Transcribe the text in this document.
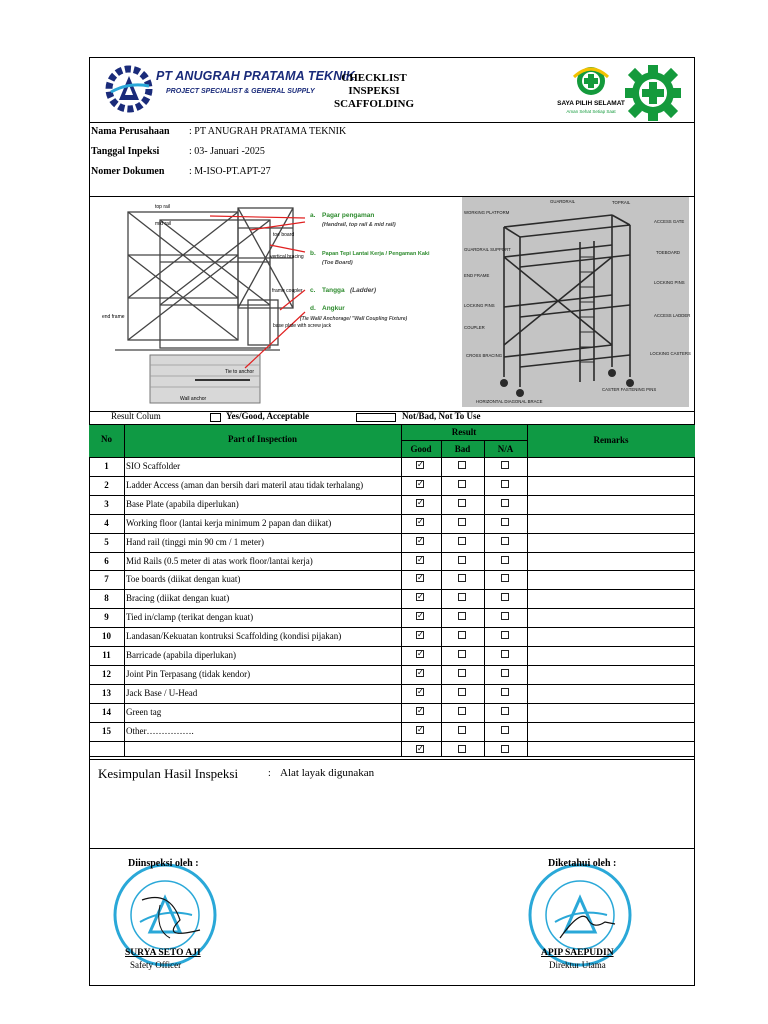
PT ANUGRAH PRATAMA TEKNIK
PROJECT SPECIALIST & GENERAL SUPPLY
CHECKLIST
INSPEKSI
SCAFFOLDING	SAYA PILIH SELAMAT
Aman Sehat Setiap Saat
Nama Perusahaan : PT ANUGRAH PRATAMA TEKNIK
Tanggal Inpeksi	: 03- Januari -2025
Nomer Dokumen : M-ISO-PT.APT-27
top rail
mid rail
toe board
vertical bracing
frame coupler
end frame
base plate with screw jack
Tie to anchor
Wall anchor
a. Pagar pengaman
(Handrail, top rail & mid rail)
b. Papan Tepi Lantai Kerja / Pengaman Kaki
(Toe Board)
c. Tangga (Ladder)
d. Angkur
(Tie Wall/ Anchorage/ "Wall Coupling Fixture)
GUARDRAIL	TOPRAIL
WORKING PLATFORM
ACCESS GATE
GUARDRAIL SUPPORT
TOEBOARD
END FRAME
LOCKING PINS
LOCKING PINS
ACCESS LADDER
COUPLER
CROSS BRACING	LOCKING CASTERS
CASTER FASTENING PINS
HORIZONTAL DIAGONAL BRACE
Result Colum	Yes/Good, Acceptable	Not/Bad, Not To Use
No	Part of Inspection
Result
Good	Bad	N/A
Remarks
1	SIO Scaffolder	✓
2	Ladder Access (aman dan bersih dari materil atau tidak terhalang)	✓
3	Base Plate (apabila diperlukan)	✓
4	Working floor (lantai kerja minimum 2 papan dan diikat)	✓
5	Hand rail (tinggi min 90 cm / 1 meter)	✓
6	Mid Rails (0.5 meter di atas work floor/lantai kerja)	✓
7	Toe boards (diikat dengan kuat)	✓
8	Bracing (diikat dengan kuat)	✓
9	Tied in/clamp (terikat dengan kuat)	✓
10	Landasan/Kekuatan kontruksi Scaffolding (kondisi pijakan)	✓
11	Barricade (apabila diperlukan)	✓
12	Joint Pin Terpasang (tidak kendor)	✓
13	Jack Base / U-Head	✓
14	Green tag	✓
15	Other…………….	✓
✓
Kesimpulan Hasil Inspeksi	: Alat layak digunakan
Diinspeksi oleh :
SURYA SETO AJI
Safety Officer
Diketahui oleh :
APIP SAEPUDIN
Direktur Utama
